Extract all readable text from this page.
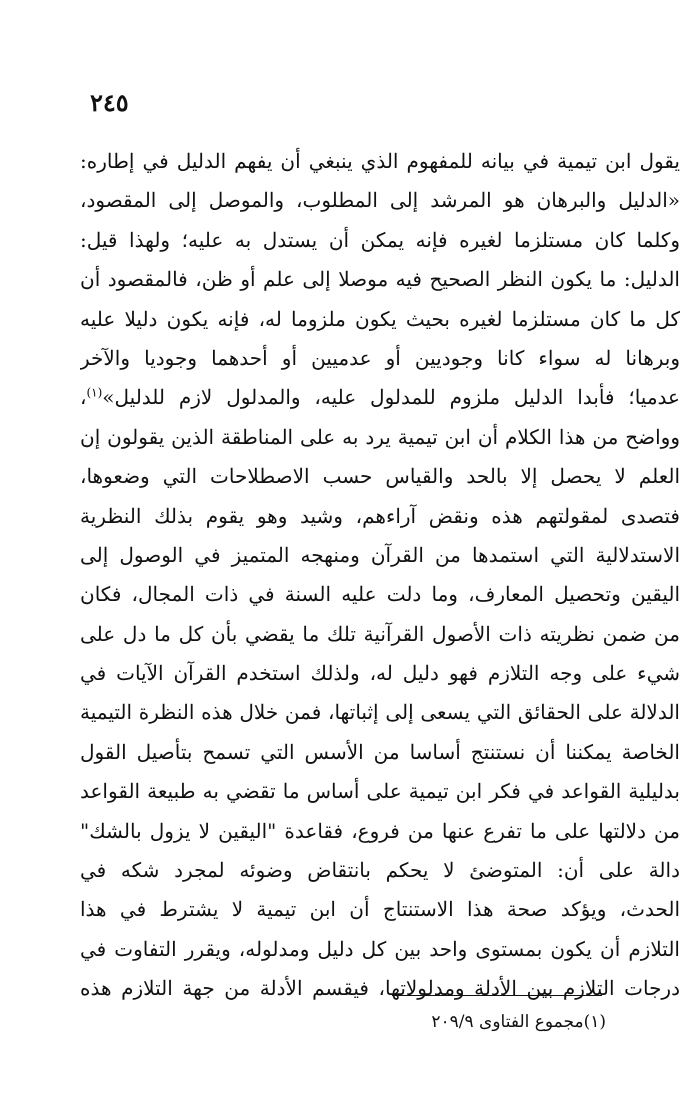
٢٤٥
يقول ابن تيمية في بيانه للمفهوم الذي ينبغي أن يفهم الدليل في إطاره:
«الدليل والبرهان هو المرشد إلى المطلوب، والموصل إلى المقصود،
وكلما كان مستلزما لغيره فإنه يمكن أن يستدل به عليه؛ ولهذا قيل:
الدليل: ما يكون النظر الصحيح فيه موصلا إلى علم أو ظن، فالمقصود أن
كل ما كان مستلزما لغيره بحيث يكون ملزوما له، فإنه يكون دليلا عليه
وبرهانا له سواء كانا وجوديين أو عدميين أو أحدهما وجوديا والآخر
عدميا؛ فأبدا الدليل ملزوم للمدلول عليه، والمدلول لازم للدليل»$^{(١)}$،
وواضح من هذا الكلام أن ابن تيمية يرد به على المناطقة الذين يقولون إن
العلم لا يحصل إلا بالحد والقياس حسب الاصطلاحات التي وضعوها،
فتصدى لمقولتهم هذه ونقض آراءهم، وشيد وهو يقوم بذلك النظرية
الاستدلالية التي استمدها من القرآن ومنهجه المتميز في الوصول إلى
اليقين وتحصيل المعارف، وما دلت عليه السنة في ذات المجال، فكان
من ضمن نظريته ذات الأصول القرآنية تلك ما يقضي بأن كل ما دل على
شيء على وجه التلازم فهو دليل له، ولذلك استخدم القرآن الآيات في
الدلالة على الحقائق التي يسعى إلى إثباتها، فمن خلال هذه النظرة التيمية
الخاصة يمكننا أن نستنتج أساسا من الأسس التي تسمح بتأصيل القول
بدليلية القواعد في فكر ابن تيمية على أساس ما تقضي به طبيعة القواعد
من دلالتها على ما تفرع عنها من فروع، فقاعدة "اليقين لا يزول بالشك"
دالة على أن: المتوضئ لا يحكم بانتقاض وضوئه لمجرد شكه في
الحدث، ويؤكد صحة هذا الاستنتاج أن ابن تيمية لا يشترط في هذا
التلازم أن يكون بمستوى واحد بين كل دليل ومدلوله، ويقرر التفاوت في
درجات التلازم بين الأدلة ومدلولاتها، فيقسم الأدلة من جهة التلازم هذه
(١)مجموع الفتاوى ٢٠٩/٩
